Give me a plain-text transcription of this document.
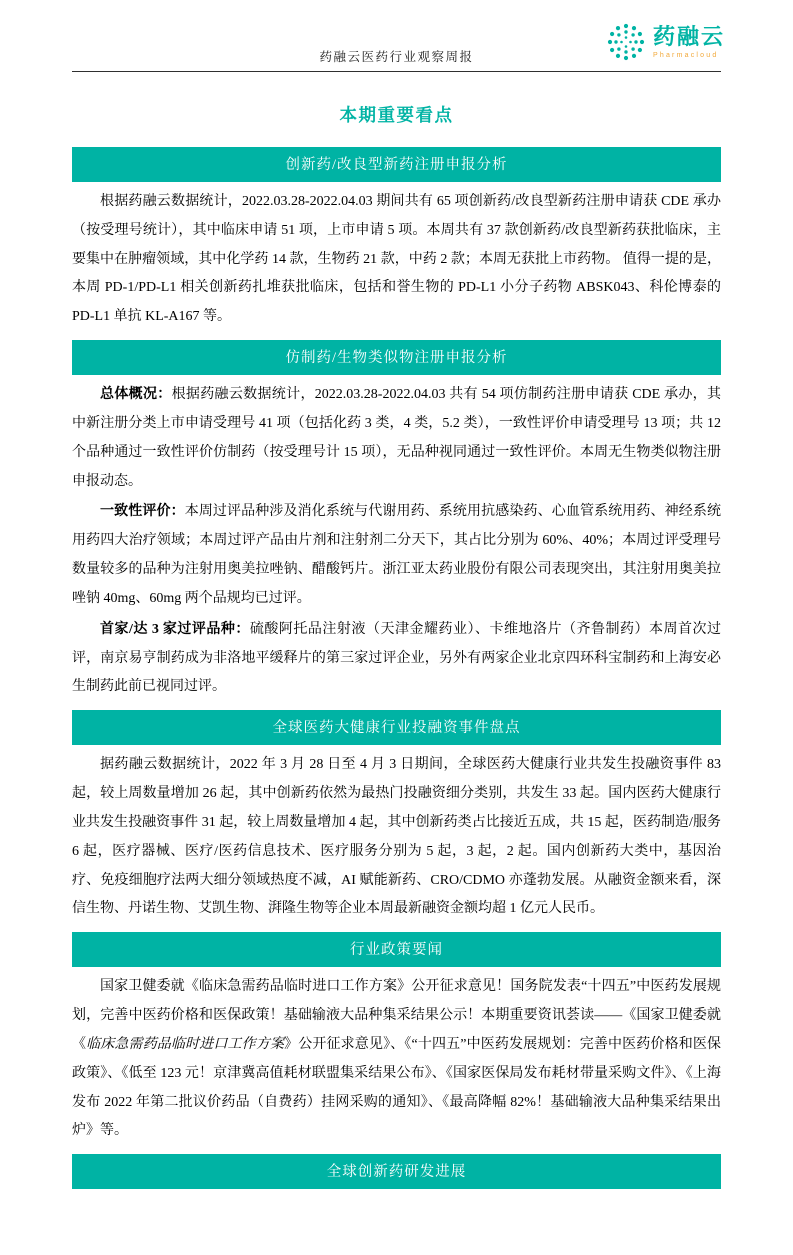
药融云
Pharmacloud
药融云医药行业观察周报
本期重要看点
创新药/改良型新药注册申报分析

根据药融云数据统计，2022.03.28-2022.04.03 期间共有 65 项创新药/改良型新药注册申请获 CDE 承办（按受理号统计），其中临床申请 51 项，上市申请 5 项。本周共有 37 款创新药/改良型新药获批临床，主要集中在肿瘤领域，其中化学药 14 款，生物药 21 款，中药 2 款；本周无获批上市药物。 值得一提的是，本周 PD-1/PD-L1 相关创新药扎堆获批临床，包括和誉生物的 PD-L1 小分子药物 ABSK043、科伦博泰的 PD-L1 单抗 KL-A167 等。

仿制药/生物类似物注册申报分析

总体概况：根据药融云数据统计，2022.03.28-2022.04.03 共有 54 项仿制药注册申请获 CDE 承办，其中新注册分类上市申请受理号 41 项（包括化药 3 类，4 类，5.2 类），一致性评价申请受理号 13 项；共 12 个品种通过一致性评价仿制药（按受理号计 15 项），无品种视同通过一致性评价。本周无生物类似物注册申报动态。

一致性评价：本周过评品种涉及消化系统与代谢用药、系统用抗感染药、心血管系统用药、神经系统用药四大治疗领域；本周过评产品由片剂和注射剂二分天下，其占比分别为 60%、40%；本周过评受理号数量较多的品种为注射用奥美拉唑钠、醋酸钙片。浙江亚太药业股份有限公司表现突出，其注射用奥美拉唑钠 40mg、60mg 两个品规均已过评。

首家/达 3 家过评品种：硫酸阿托品注射液（天津金耀药业）、卡维地洛片（齐鲁制药）本周首次过评，南京易亨制药成为非洛地平缓释片的第三家过评企业，另外有两家企业北京四环科宝制药和上海安必生制药此前已视同过评。

全球医药大健康行业投融资事件盘点

据药融云数据统计，2022 年 3 月 28 日至 4 月 3 日期间，全球医药大健康行业共发生投融资事件 83 起，较上周数量增加 26 起，其中创新药依然为最热门投融资细分类别，共发生 33 起。国内医药大健康行业共发生投融资事件 31 起，较上周数量增加 4 起，其中创新药类占比接近五成，共 15 起，医药制造/服务 6 起，医疗器械、医疗/医药信息技术、医疗服务分别为 5 起，3 起，2 起。国内创新药大类中，基因治疗、免疫细胞疗法两大细分领域热度不减，AI 赋能新药、CRO/CDMO 亦蓬勃发展。从融资金额来看，深信生物、丹诺生物、艾凯生物、湃隆生物等企业本周最新融资金额均超 1 亿元人民币。

行业政策要闻

国家卫健委就《临床急需药品临时进口工作方案》公开征求意见！国务院发表“十四五”中医药发展规划，完善中医药价格和医保政策！基础输液大品种集采结果公示！本期重要资讯荟读——《国家卫健委就《临床急需药品临时进口工作方案》公开征求意见》、《“十四五”中医药发展规划：完善中医药价格和医保政策》、《低至 123 元！京津冀高值耗材联盟集采结果公布》、《国家医保局发布耗材带量采购文件》、《上海发布 2022 年第二批议价药品（自费药）挂网采购的通知》、《最高降幅 82%！基础输液大品种集采结果出炉》等。

全球创新药研发进展
